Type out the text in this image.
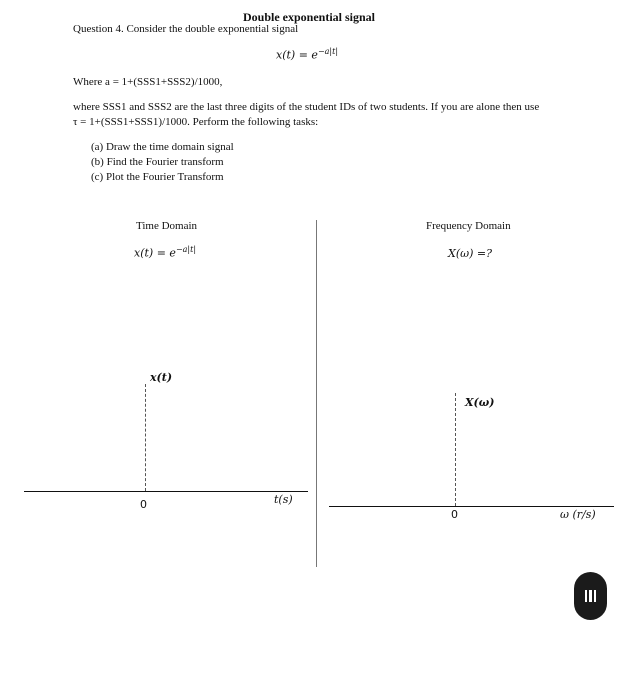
Double exponential signal
Question 4. Consider the double exponential signal
$x(t) = e^{-a|t|}$
Where a = 1+(SSS1+SSS2)/1000,
where SSS1 and SSS2 are the last three digits of the student IDs of two students. If you are alone then use
τ = 1+(SSS1+SSS1)/1000. Perform the following tasks:
(a) Draw the time domain signal
(b) Find the Fourier transform
(c) Plot the Fourier Transform
Time Domain
$x(t) = e^{-a|t|}$
x(t)
0	t(s)
Frequency Domain
X(ω) =?
X(ω)
0	ω (r/s)
